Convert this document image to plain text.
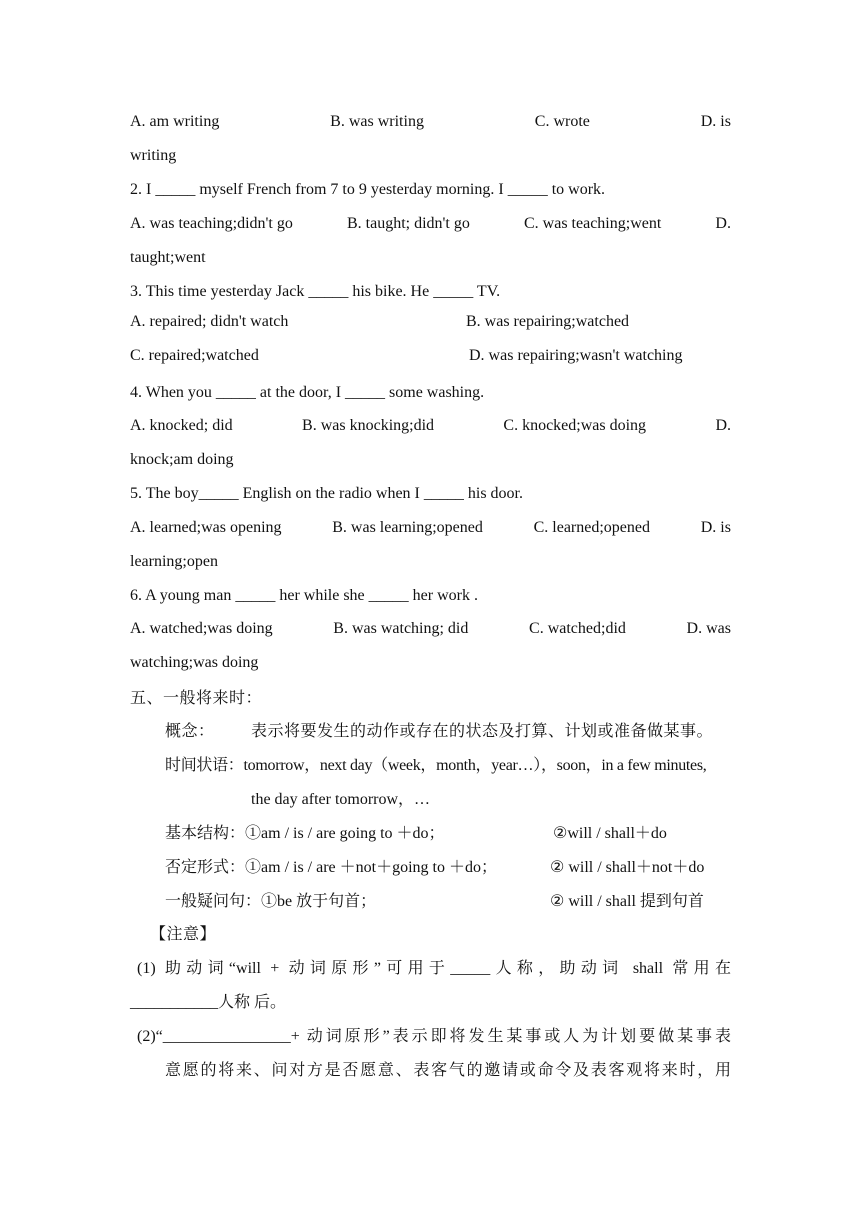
A. am writing	B. was writing	C. wrote	D. is
writing
2. I _____ myself French from 7 to 9 yesterday morning. I _____ to work.
A. was teaching;didn't go	B. taught; didn't go	C. was teaching;went	D.
taught;went
3. This time yesterday Jack _____ his bike. He _____ TV.
A. repaired; didn't watch	B. was repairing;watched
C. repaired;watched	D. was repairing;wasn't watching
4. When you _____ at the door, I _____ some washing.
A. knocked; did	B. was knocking;did	C. knocked;was doing	D.
knock;am doing
5. The boy_____ English on the radio when I _____ his door.
A. learned;was opening	B. was learning;opened	C. learned;opened	D. is
learning;open
6. A young man _____ her while she _____ her work .
A. watched;was doing	B. was watching; did	C. watched;did	D. was
watching;was doing
五、一般将来时：
概念： 表示将要发生的动作或存在的状态及打算、计划或准备做某事。
时间状语：tomorrow，next day（week，month，year…），soon，in a few minutes,
the day after tomorrow，…
基本结构：①am / is / are going to ＋do；	②will / shall＋do
否定形式：①am / is / are ＋not＋going to ＋do；	② will / shall＋not＋do
一般疑问句：①be 放于句首；	② will / shall 提到句首
【注意】
(1) 助动词“will + 动词原形”可用于_____人称，助动词 shall 常用在
___________人称 后。
(2)“________________+ 动词原形”表示即将发生某事或人为计划要做某事表
意愿的将来、问对方是否愿意、表客气的邀请或命令及表客观将来时，用
